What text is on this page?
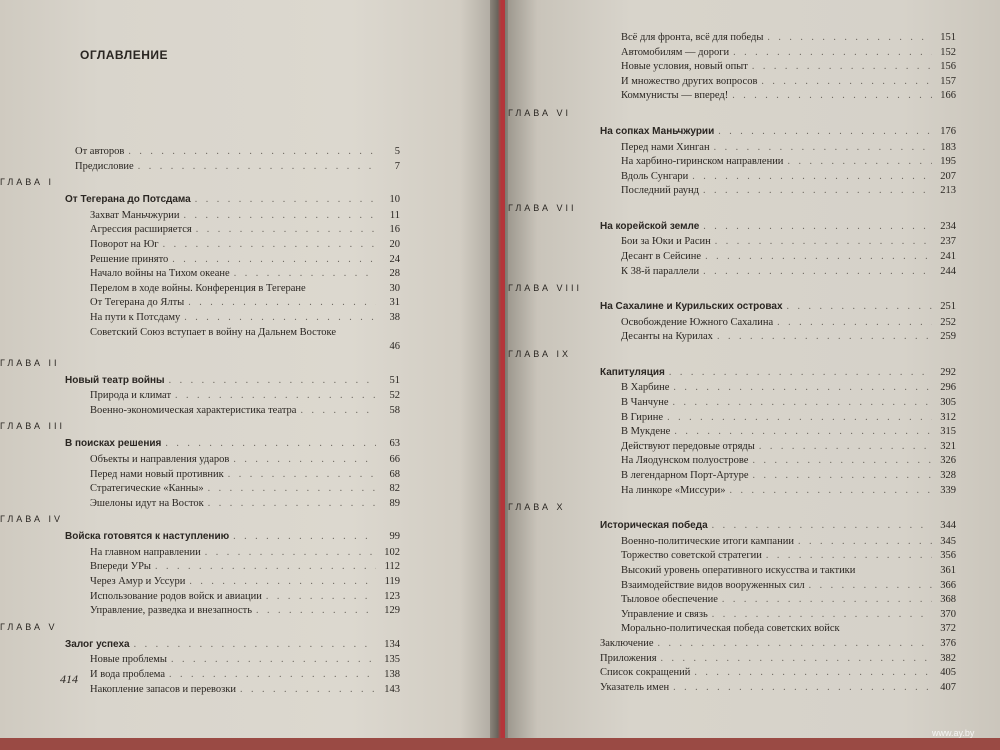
ОГЛАВЛЕНИЕ
От авторов . . .	5
Предисловие . . .	7
ГЛАВА I
От Тегерана до Потсдама . . .	10
Захват Маньчжурии . . .	11
Агрессия расширяется . . .	16
Поворот на Юг . . .	20
Решение принято . . .	24
Начало войны на Тихом океане . . .	28
Перелом в ходе войны. Конференция в Тегеране	30
От Тегерана до Ялты . . .	31
На пути к Потсдаму . . .	38
Советский Союз вступает в войну на Дальнем Востоке
46
ГЛАВА II
Новый театр войны . . .	51
Природа и климат . . .	52
Военно-экономическая характеристика театра . . .	58
ГЛАВА III
В поисках решения . . .	63
Объекты и направления ударов . . .	66
Перед нами новый противник . . .	68
Стратегические «Канны» . . .	82
Эшелоны идут на Восток . . .	89
ГЛАВА IV
Войска готовятся к наступлению . . .	99
На главном направлении . . .	102
Впереди УРы . . .	112
Через Амур и Уссури . . .	119
Использование родов войск и авиации . . .	123
Управление, разведка и внезапность . . .	129
ГЛАВА V
Залог успеха . . .	134
Новые проблемы . . .	135
И вода проблема . . .	138
Накопление запасов и перевозки . . .	143
414
Всё для фронта, всё для победы . . .	151
Автомобилям — дороги . . .	152
Новые условия, новый опыт . . .	156
И множество других вопросов . . .	157
Коммунисты — вперед! . . .	166
ГЛАВА VI
На сопках Маньчжурии . . .	176
Перед нами Хинган . . .	183
На харбино-гиринском направлении . . .	195
Вдоль Сунгари . . .	207
Последний раунд . . .	213
ГЛАВА VII
На корейской земле . . .	234
Бои за Юки и Расин . . .	237
Десант в Сейсине . . .	241
К 38-й параллели . . .	244
ГЛАВА VIII
На Сахалине и Курильских островах . . .	251
Освобождение Южного Сахалина . . .	252
Десанты на Курилах . . .	259
ГЛАВА IX
Капитуляция . . .	292
В Харбине . . .	296
В Чанчуне . . .	305
В Гирине . . .	312
В Мукдене . . .	315
Действуют передовые отряды . . .	321
На Ляодунском полуострове . . .	326
В легендарном Порт-Артуре . . .	328
На линкоре «Миссури» . . .	339
ГЛАВА X
Историческая победа . . .	344
Военно-политические итоги кампании . . .	345
Торжество советской стратегии . . .	356
Высокий уровень оперативного искусства и тактики	361
Взаимодействие видов вооруженных сил . . .	366
Тыловое обеспечение . . .	368
Управление и связь . . .	370
Морально-политическая победа советских войск	372
Заключение . . .	376
Приложения . . .	382
Список сокращений . . .	405
Указатель имен . . .	407
www.ay.by
